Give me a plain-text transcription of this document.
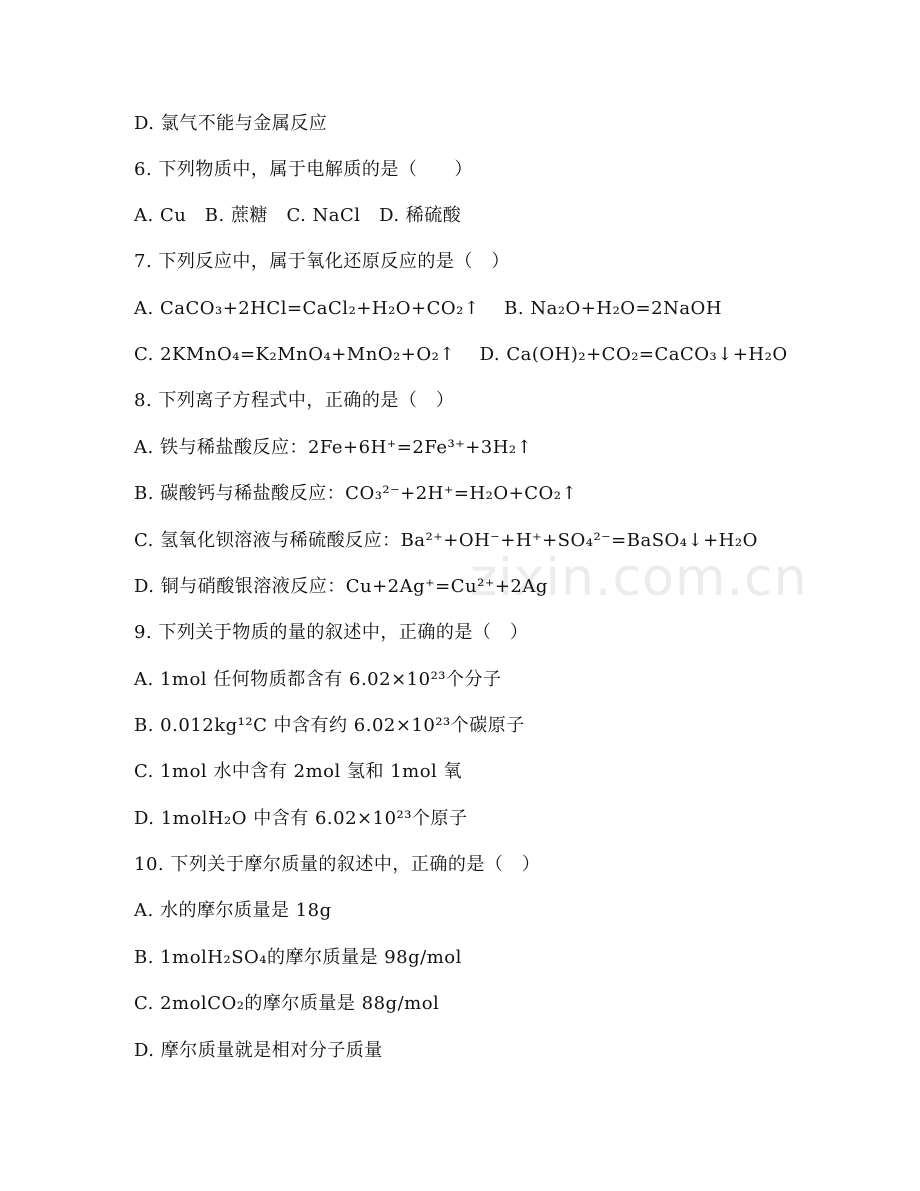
zixin.com.cn
D. 氯气不能与金属反应
6. 下列物质中，属于电解质的是（　　）
A. Cu　B. 蔗糖　C. NaCl　D. 稀硫酸
7. 下列反应中，属于氧化还原反应的是（　）
A. CaCO₃+2HCl=CaCl₂+H₂O+CO₂↑　 B. Na₂O+H₂O=2NaOH
C. 2KMnO₄=K₂MnO₄+MnO₂+O₂↑　 D. Ca(OH)₂+CO₂=CaCO₃↓+H₂O
8. 下列离子方程式中，正确的是（　）
A. 铁与稀盐酸反应：2Fe+6H⁺=2Fe³⁺+3H₂↑
B. 碳酸钙与稀盐酸反应：CO₃²⁻+2H⁺=H₂O+CO₂↑
C. 氢氧化钡溶液与稀硫酸反应：Ba²⁺+OH⁻+H⁺+SO₄²⁻=BaSO₄↓+H₂O
D. 铜与硝酸银溶液反应：Cu+2Ag⁺=Cu²⁺+2Ag
9. 下列关于物质的量的叙述中，正确的是（　）
A. 1mol 任何物质都含有 6.02×10²³个分子
B. 0.012kg¹²C 中含有约 6.02×10²³个碳原子
C. 1mol 水中含有 2mol 氢和 1mol 氧
D. 1molH₂O 中含有 6.02×10²³个原子
10. 下列关于摩尔质量的叙述中，正确的是（　）
A. 水的摩尔质量是 18g
B. 1molH₂SO₄的摩尔质量是 98g/mol
C. 2molCO₂的摩尔质量是 88g/mol
D. 摩尔质量就是相对分子质量
